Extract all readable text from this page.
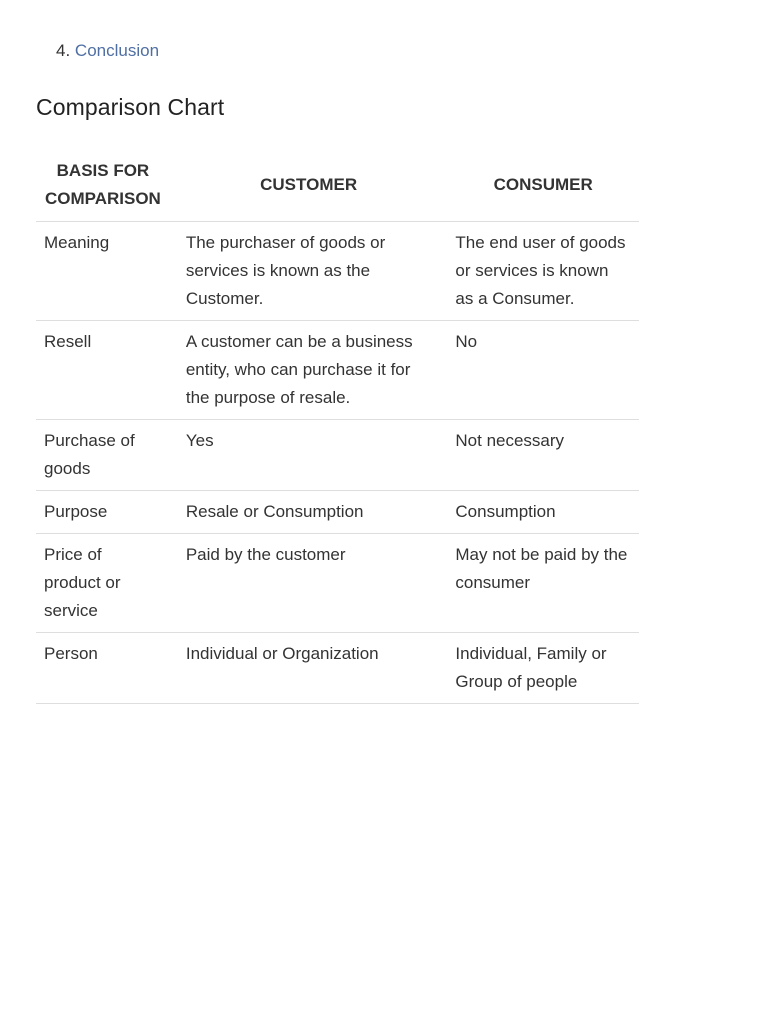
4. Conclusion
Comparison Chart
BASIS FOR COMPARISON	CUSTOMER	CONSUMER
Meaning	The purchaser of goods or services is known as the Customer.	The end user of goods or services is known as a Consumer.
Resell	A customer can be a business entity, who can purchase it for the purpose of resale.	No
Purchase of goods	Yes	Not necessary
Purpose	Resale or Consumption	Consumption
Price of product or service	Paid by the customer	May not be paid by the consumer
Person	Individual or Organization	Individual, Family or Group of people
